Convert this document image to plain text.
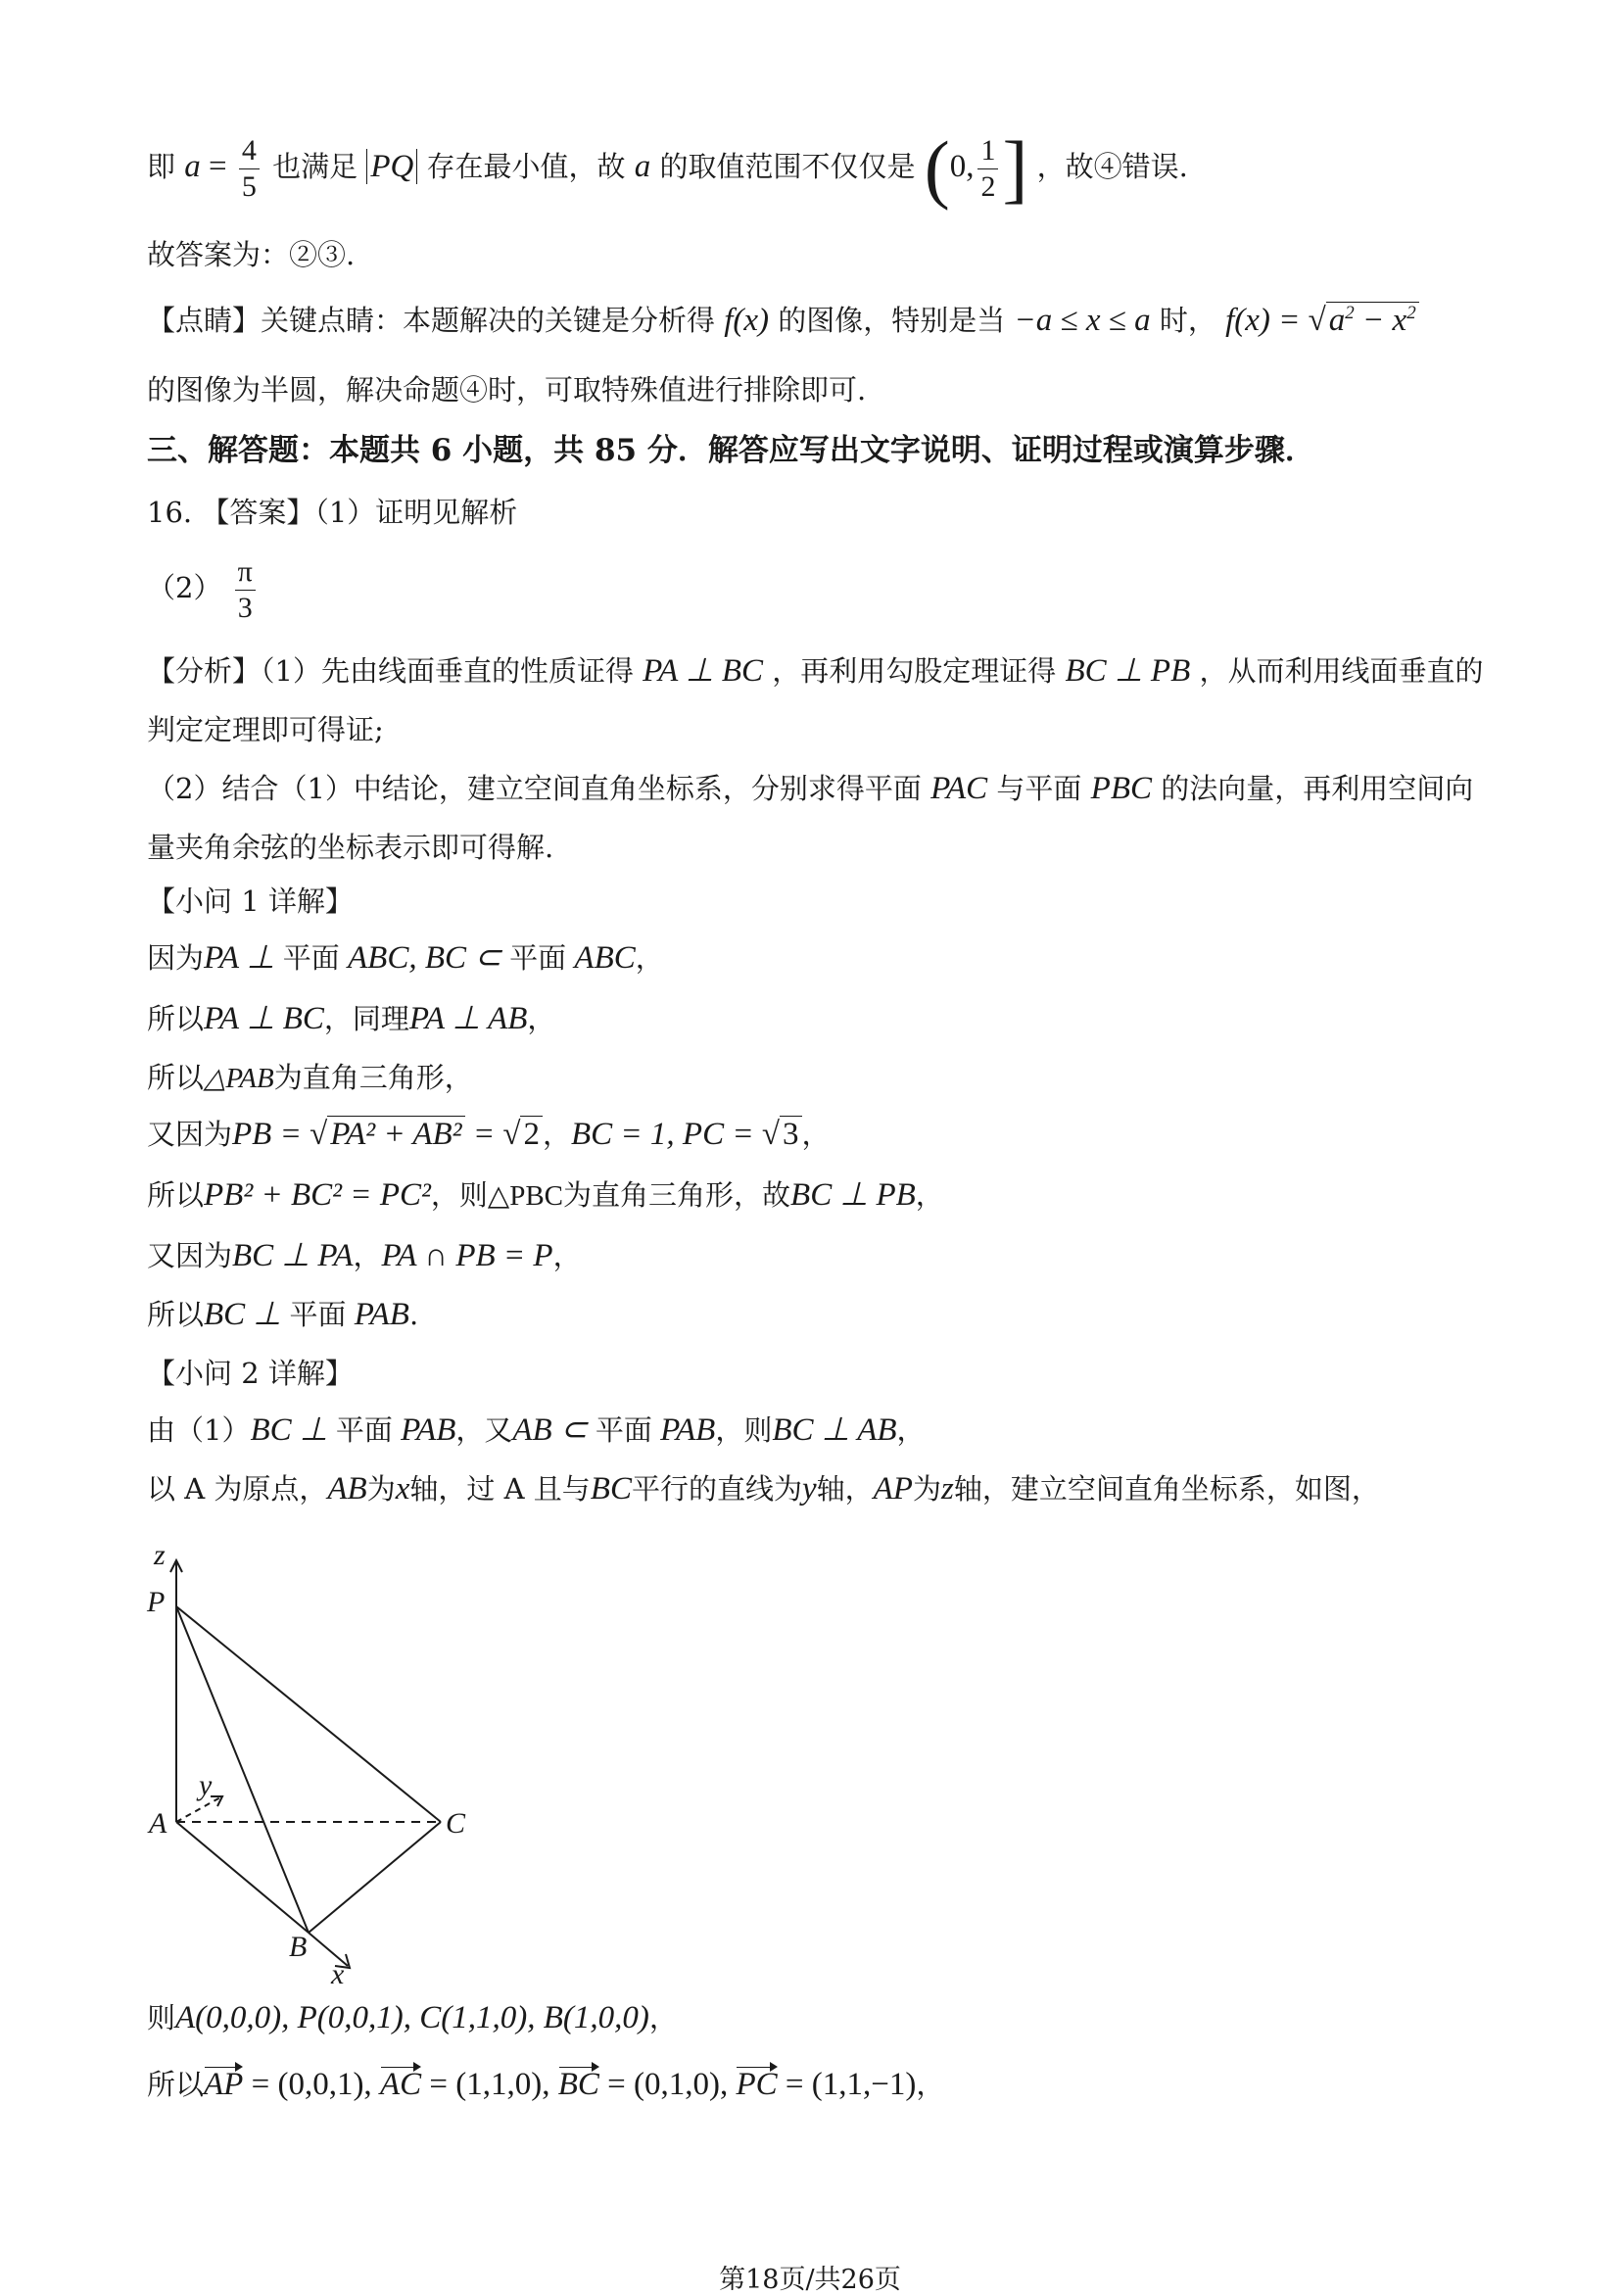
即 $a = \frac{4}{5}$ 也满足 PQ 存在最小值，故 a 的取值范围不仅仅是 (0, $\frac{1}{2}$ ] ，故④错误.
故答案为：②③.
【点睛】关键点睛：本题解决的关键是分析得 f(x) 的图像，特别是当 −a ≤ x ≤ a 时， $f(x) = √a^2 - x^2$
的图像为半圆，解决命题④时，可取特殊值进行排除即可.
三、解答题：本题共 6 小题，共 85 分．解答应写出文字说明、证明过程或演算步骤．
16. 【答案】（1）证明见解析
$(2) \frac{\pi}{3}$
【分析】（1）先由线面垂直的性质证得 PA ⊥ BC ，再利用勾股定理证得 BC ⊥ PB ，从而利用线面垂直的
判定定理即可得证;
（2）结合（1）中结论，建立空间直角坐标系，分别求得平面 PAC 与平面 PBC 的法向量，再利用空间向
量夹角余弦的坐标表示即可得解.
【小问 1 详解】
因为PA ⊥ 平面 ABC, BC ⊂ 平面 ABC，
所以PA ⊥ BC，同理PA ⊥ AB，
所以△PAB为直角三角形，
又因为PB = √PA² + AB² = √2 ，BC = 1, PC = √3 ，
所以PB² + BC² = PC²，则△PBC为直角三角形，故BC ⊥ PB，
又因为BC ⊥ PA，PA ∩ PB = P，
所以BC ⊥ 平面 PAB.
【小问 2 详解】
由（1）BC ⊥ 平面 PAB，又AB ⊂ 平面 PAB，则BC ⊥ AB，
以 A 为原点，AB为x轴，过 A 且与BC平行的直线为y轴，AP为z轴，建立空间直角坐标系，如图，
z
P
y
A	C
B
x
则A(0,0,0), P(0,0,1), C(1,1,0), B(1,0,0)，
所以AP = (0,0,1), AC = (1,1,0), BC = (0,1,0), PC = (1,1,−1)，
第18页/共26页
